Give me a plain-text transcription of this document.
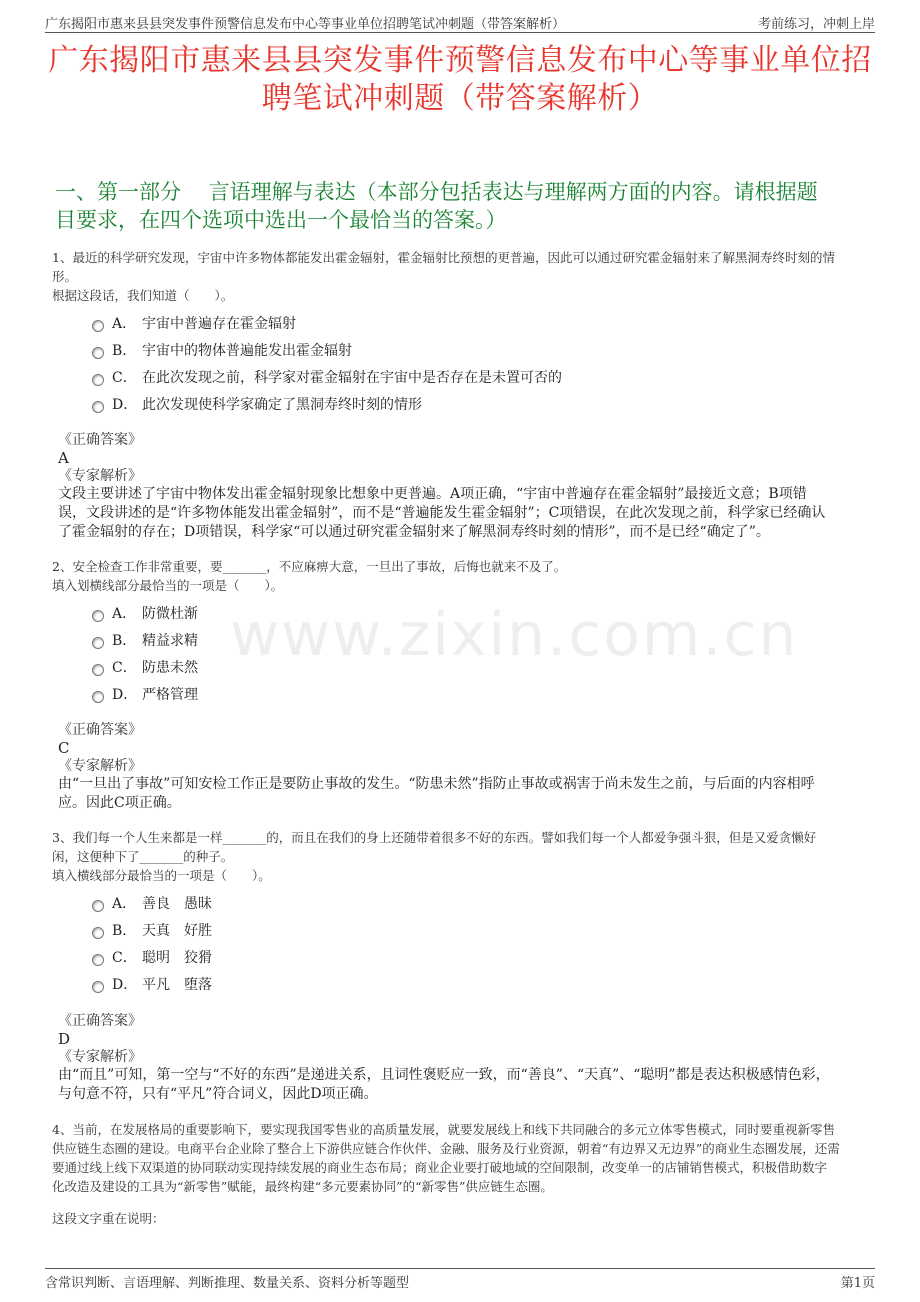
广东揭阳市惠来县县突发事件预警信息发布中心等事业单位招聘笔试冲刺题（带答案解析）	考前练习，冲刺上岸
广东揭阳市惠来县县突发事件预警信息发布中心等事业单位招
聘笔试冲刺题（带答案解析）
一、第一部分　 言语理解与表达（本部分包括表达与理解两方面的内容。请根据题
目要求，在四个选项中选出一个最恰当的答案。）
www.zixin.com.cn
1、最近的科学研究发现，宇宙中许多物体都能发出霍金辐射，霍金辐射比预想的更普遍，因此可以通过研究霍金辐射来了解黑洞寿终时刻的情
形。
根据这段话，我们知道（　　）。
A． 宇宙中普遍存在霍金辐射
B． 宇宙中的物体普遍能发出霍金辐射
C． 在此次发现之前，科学家对霍金辐射在宇宙中是否存在是未置可否的
D． 此次发现使科学家确定了黑洞寿终时刻的情形
《正确答案》
A
《专家解析》
文段主要讲述了宇宙中物体发出霍金辐射现象比想象中更普遍。A项正确，“宇宙中普遍存在霍金辐射”最接近文意；B项错
误，文段讲述的是“许多物体能发出霍金辐射”，而不是“普遍能发生霍金辐射”；C项错误，在此次发现之前，科学家已经确认
了霍金辐射的存在；D项错误，科学家“可以通过研究霍金辐射来了解黑洞寿终时刻的情形”，而不是已经“确定了”。
2、安全检查工作非常重要，要_______，不应麻痹大意，一旦出了事故，后悔也就来不及了。
填入划横线部分最恰当的一项是（　　）。
A． 防微杜渐
B． 精益求精
C． 防患未然
D． 严格管理
《正确答案》
C
《专家解析》
由“一旦出了事故”可知安检工作正是要防止事故的发生。“防患未然”指防止事故或祸害于尚未发生之前，与后面的内容相呼
应。因此C项正确。
3、我们每一个人生来都是一样_______的，而且在我们的身上还随带着很多不好的东西。譬如我们每一个人都爱争强斗狠，但是又爱贪懒好
闲，这便种下了_______的种子。
填入横线部分最恰当的一项是（　　）。
A． 善良　愚昧
B． 天真　好胜
C． 聪明　狡猾
D． 平凡　堕落
《正确答案》
D
《专家解析》
由“而且”可知，第一空与“不好的东西”是递进关系，且词性褒贬应一致，而“善良”、“天真”、“聪明”都是表达积极感情色彩，
与句意不符，只有“平凡”符合词义，因此D项正确。
4、当前，在发展格局的重要影响下，要实现我国零售业的高质量发展，就要发展线上和线下共同融合的多元立体零售模式，同时要重视新零售
供应链生态圈的建设。电商平台企业除了整合上下游供应链合作伙伴、金融、服务及行业资源，朝着“有边界又无边界”的商业生态圈发展，还需
要通过线上线下双渠道的协同联动实现持续发展的商业生态布局；商业企业要打破地域的空间限制，改变单一的店铺销售模式，积极借助数字
化改造及建设的工具为“新零售”赋能，最终构建“多元要素协同”的“新零售”供应链生态圈。
这段文字重在说明：
含常识判断、言语理解、判断推理、数量关系、资料分析等题型	第1页
